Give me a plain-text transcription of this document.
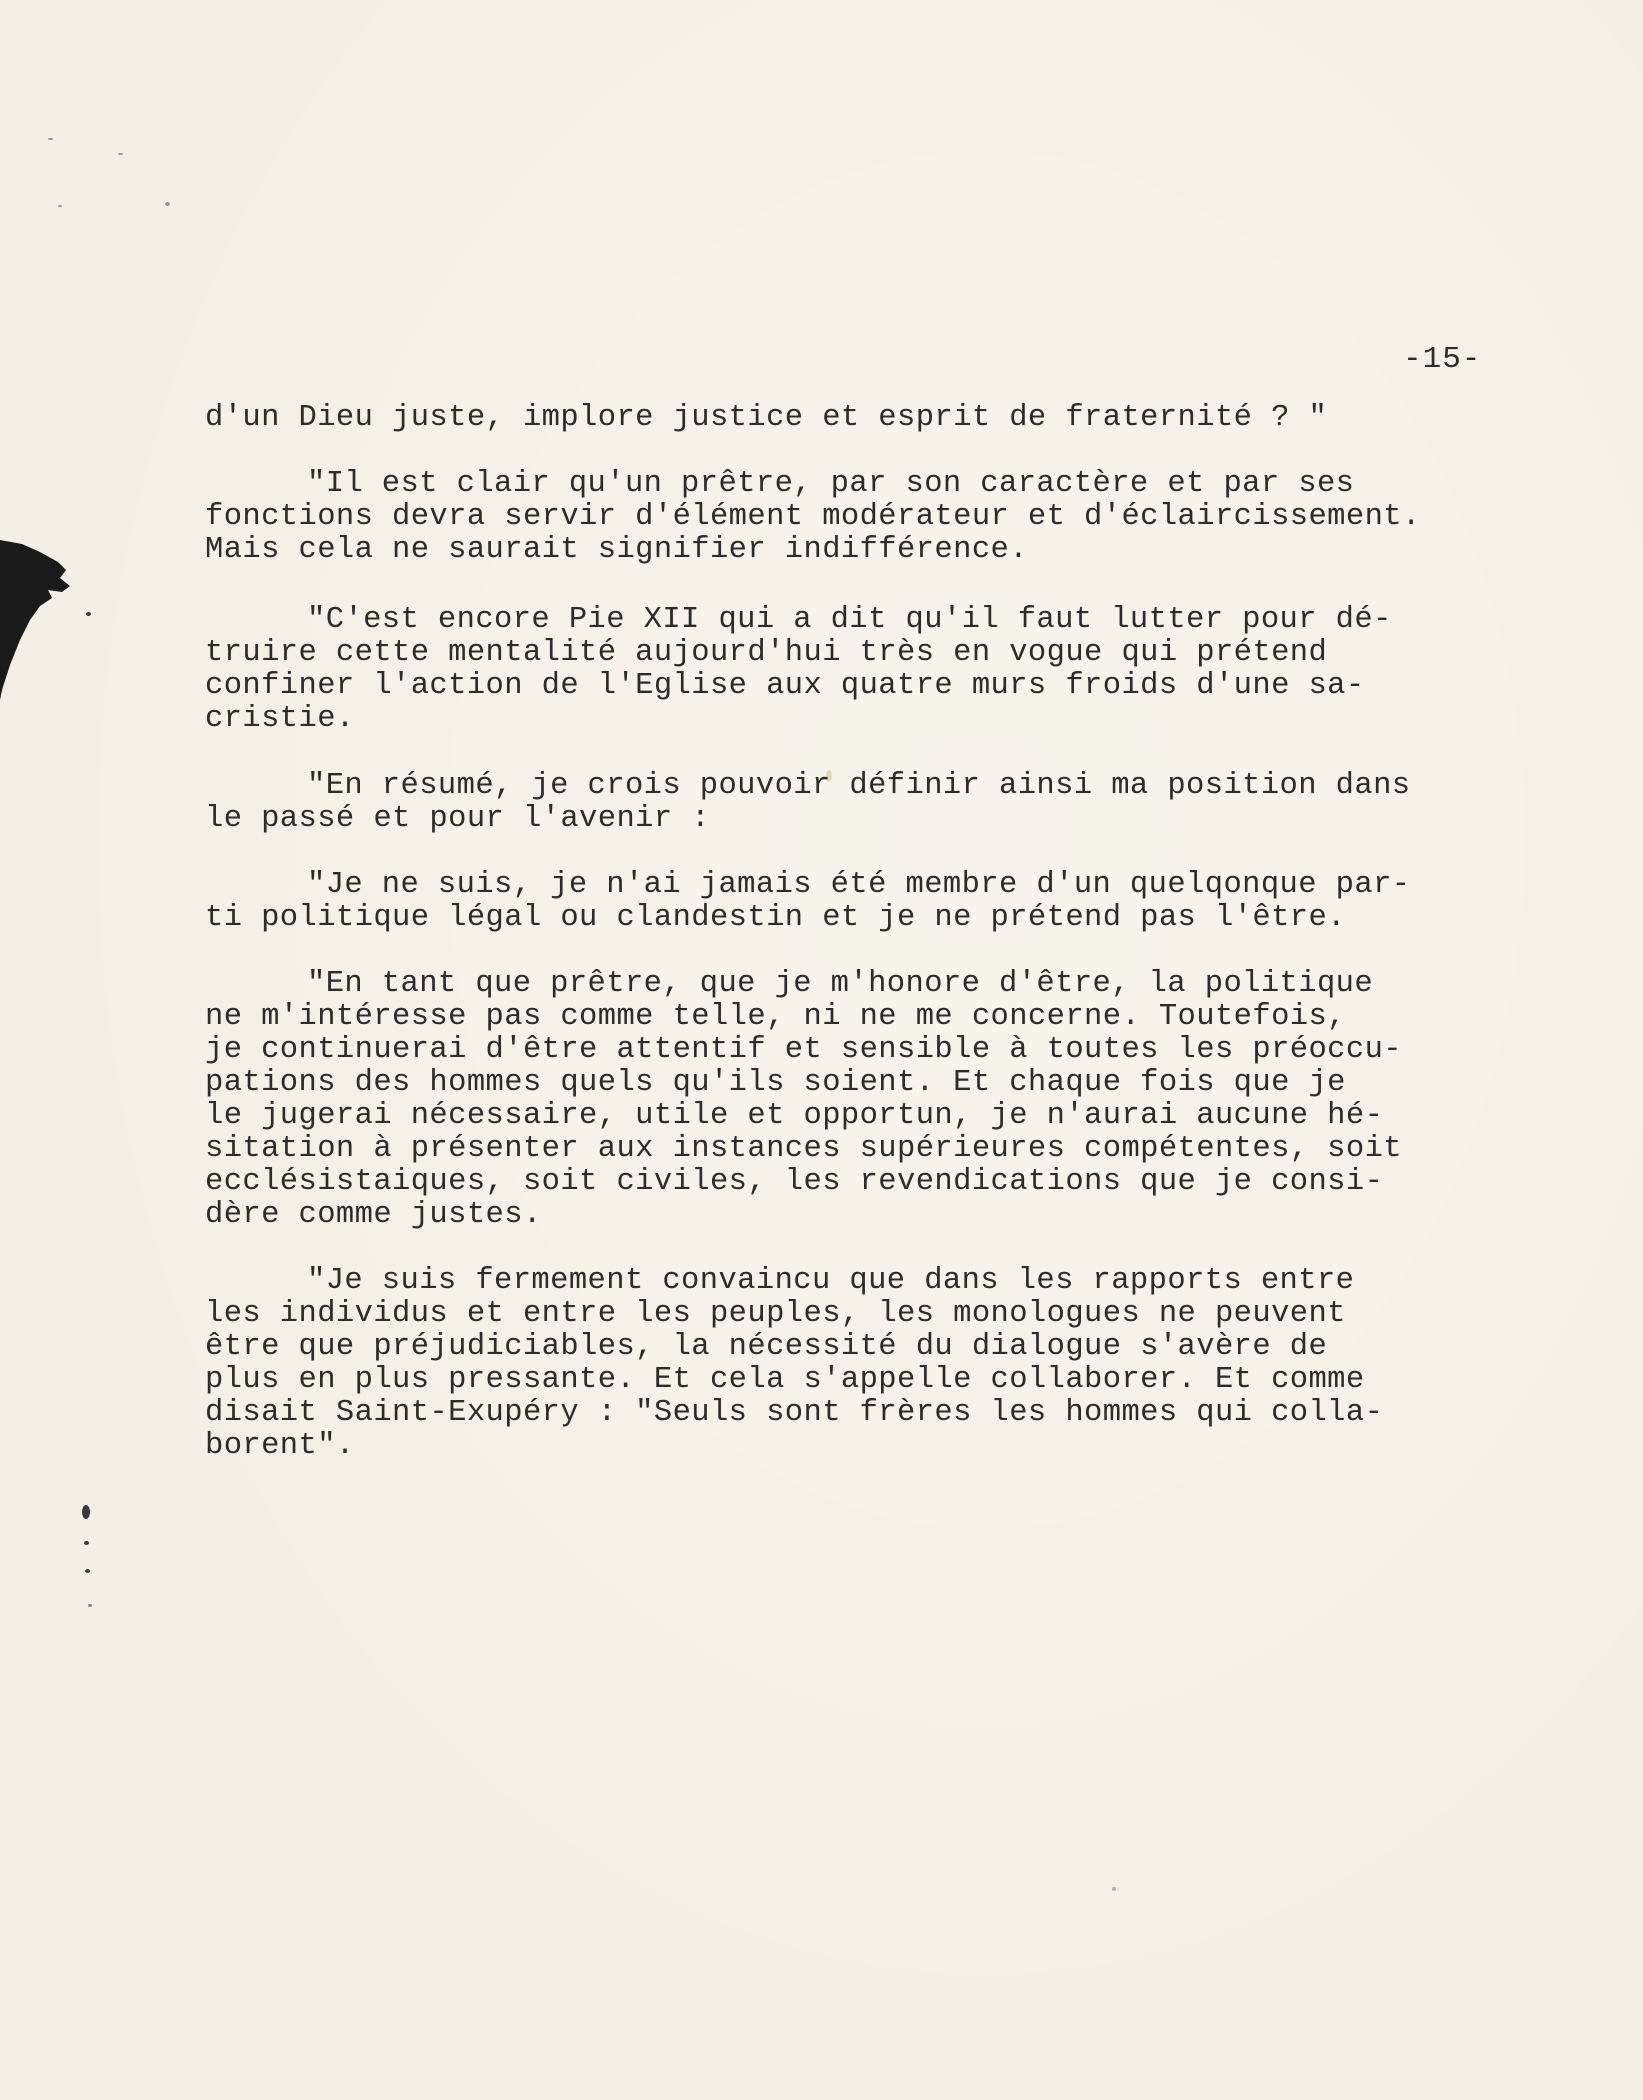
-15-
d'un Dieu juste, implore justice et esprit de fraternité ? "
"Il est clair qu'un prêtre, par son caractère et par ses
fonctions devra servir d'élément modérateur et d'éclaircissement.
Mais cela ne saurait signifier indifférence.
"C'est encore Pie XII qui a dit qu'il faut lutter pour dé-
truire cette mentalité aujourd'hui très en vogue qui prétend
confiner l'action de l'Eglise aux quatre murs froids d'une sa-
cristie.
"En résumé, je crois pouvoir définir ainsi ma position dans
le passé et pour l'avenir :
"Je ne suis, je n'ai jamais été membre d'un quelqonque par-
ti politique légal ou clandestin et je ne prétend pas l'être.
"En tant que prêtre, que je m'honore d'être, la politique
ne m'intéresse pas comme telle, ni ne me concerne. Toutefois,
je continuerai d'être attentif et sensible à toutes les préoccu-
pations des hommes quels qu'ils soient. Et chaque fois que je
le jugerai nécessaire, utile et opportun, je n'aurai aucune hé-
sitation à présenter aux instances supérieures compétentes, soit
ecclésistaiques, soit civiles, les revendications que je consi-
dère comme justes.
"Je suis fermement convaincu que dans les rapports entre
les individus et entre les peuples, les monologues ne peuvent
être que préjudiciables, la nécessité du dialogue s'avère de
plus en plus pressante. Et cela s'appelle collaborer. Et comme
disait Saint-Exupéry : "Seuls sont frères les hommes qui colla-
borent".
